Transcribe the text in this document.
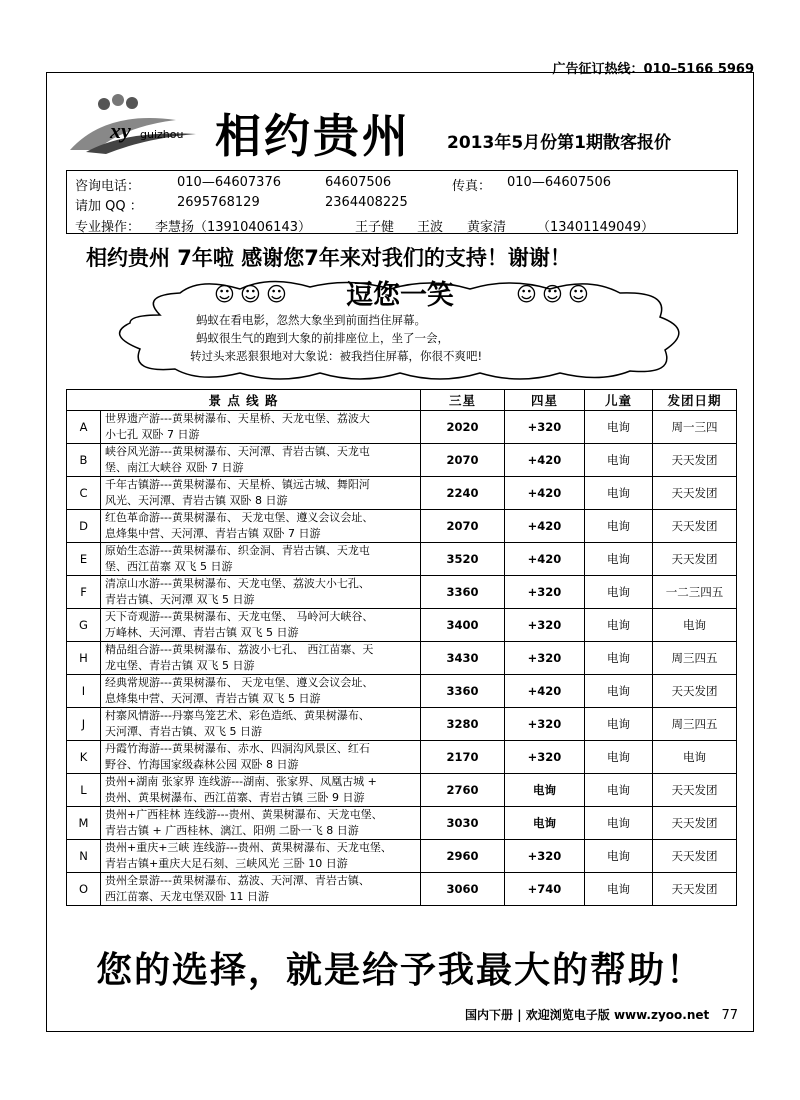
广告征订热线：010–5166 5969
xy guizhou 相约贵州 2013年5月份第1期散客报价
咨询电话：	010—64607376	64607506	传真： 010—64607506
请加 QQ ：	2695768129	2364408225
专业操作： 李慧扬（13910406143）	王子健 王波 黄家清 （13401149049）
相约贵州 7年啦 感谢您7年来对我们的支持！谢谢！
☺ ☺ ☺	☺ ☺ ☺
逗您一笑
蚂蚁在看电影，忽然大象坐到前面挡住屏幕。
蚂蚁很生气的跑到大象的前排座位上，坐了一会，
转过头来恶狠狠地对大象说：被我挡住屏幕，你很不爽吧!
景 点 线 路		三星	四星	儿童	发团日期
A	世界遗产游---黄果树瀑布、天星桥、天龙屯堡、荔波大
小七孔 双卧 7 日游	2020	+320	电询	周一三四
B	峡谷风光游---黄果树瀑布、天河潭、青岩古镇、天龙屯
堡、南江大峡谷 双卧 7 日游	2070	+420	电询	天天发团
C	千年古镇游---黄果树瀑布、天星桥、镇远古城、舞阳河
风光、天河潭、青岩古镇 双卧 8 日游	2240	+420	电询	天天发团
D	红色革命游---黄果树瀑布、 天龙屯堡、遵义会议会址、
息烽集中营、天河潭、青岩古镇 双卧 7 日游	2070	+420	电询	天天发团
E	原始生态游---黄果树瀑布、织金洞、青岩古镇、天龙屯
堡、西江苗寨 双飞 5 日游	3520	+420	电询	天天发团
F	清凉山水游---黄果树瀑布、天龙屯堡、荔波大小七孔、
青岩古镇、天河潭 双飞 5 日游	3360	+320	电询	一二三四五
G	天下奇观游---黄果树瀑布、天龙屯堡、 马岭河大峡谷、
万峰林、天河潭、青岩古镇 双飞 5 日游	3400	+320	电询	电询
H	精品组合游---黄果树瀑布、荔波小七孔、 西江苗寨、天
龙屯堡、青岩古镇 双飞 5 日游	3430	+320	电询	周三四五
I	经典常规游---黄果树瀑布、 天龙屯堡、遵义会议会址、
息烽集中营、天河潭、青岩古镇 双飞 5 日游	3360	+420	电询	天天发团
J	村寨风情游---丹寨鸟笼艺术、彩色造纸、黄果树瀑布、
天河潭、青岩古镇、双飞 5 日游	3280	+320	电询	周三四五
K	丹霞竹海游---黄果树瀑布、赤水、四洞沟风景区、红石
野谷、竹海国家级森林公园 双卧 8 日游	2170	+320	电询	电询
L	贵州+湖南 张家界 连线游---湖南、张家界、凤凰古城 +
贵州、黄果树瀑布、西江苗寨、青岩古镇 三卧 9 日游	2760	电询	电询	天天发团
M	贵州+广西桂林 连线游---贵州、黄果树瀑布、天龙屯堡、
青岩古镇 + 广西桂林、漓江、阳朔 二卧一飞 8 日游	3030	电询	电询	天天发团
N	贵州+重庆+三峡 连线游---贵州、黄果树瀑布、天龙屯堡、
青岩古镇+重庆大足石刻、三峡风光 三卧 10 日游	2960	+320	电询	天天发团
O	贵州全景游---黄果树瀑布、荔波、天河潭、青岩古镇、
西江苗寨、天龙屯堡双卧 11 日游	3060	+740	电询	天天发团
您的选择，就是给予我最大的帮助！
国内下册 | 欢迎浏览电子版 www.zyoo.net 77
